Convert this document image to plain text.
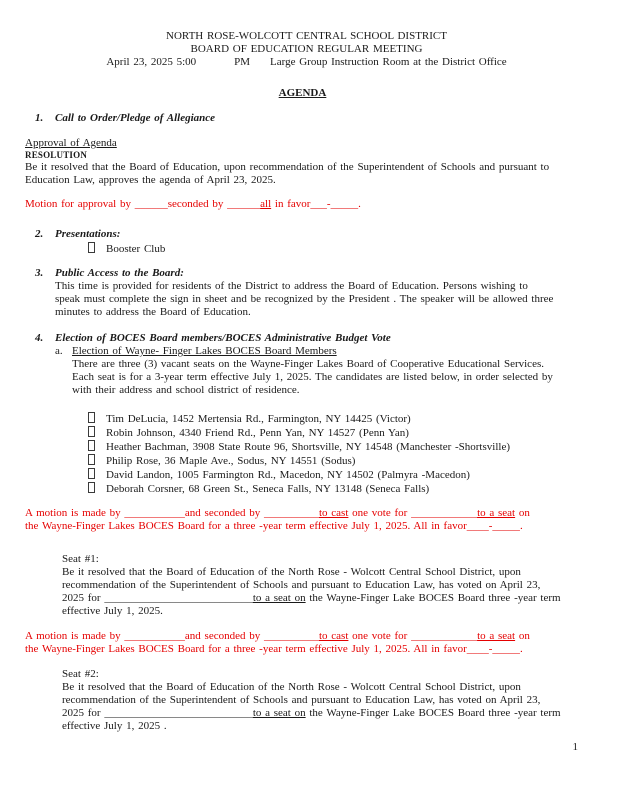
NORTH ROSE-WOLCOTT CENTRAL SCHOOL DISTRICT
BOARD OF EDUCATION REGULAR MEETING
April 23, 2025 5:00	PM Large Group Instruction Room at the District Office
AGENDA
1.	Call to Order/Pledge of Allegiance
Approval of Agenda
RESOLUTION
Be it resolved that the Board of Education, upon recommendation of the Superintendent of Schools and pursuant to
Education Law, approves the agenda of April 23, 2025.
Motion for approval by ______seconded by ______all in favor___-_____.
2.	Presentations:
Booster Club
3.	Public Access to the Board:
This time is provided for residents of the District to address the Board of Education. Persons wishing to
speak must complete the sign in sheet and be recognized by the President . The speaker will be allowed three
minutes to address the Board of Education.
4.	Election of BOCES Board members/BOCES Administrative Budget Vote
a. Election of Wayne- Finger Lakes BOCES Board Members
There are three (3) vacant seats on the Wayne-Finger Lakes Board of Cooperative Educational Services.
Each seat is for a 3-year term effective July 1, 2025. The candidates are listed below, in order selected by
with their address and school district of residence.
Tim DeLucia, 1452 Mertensia Rd., Farmington, NY 14425 (Victor)
Robin Johnson, 4340 Friend Rd., Penn Yan, NY 14527 (Penn Yan)
Heather Bachman, 3908 State Route 96, Shortsville, NY 14548 (Manchester -Shortsville)
Philip Rose, 36 Maple Ave., Sodus, NY 14551 (Sodus)
David Landon, 1005 Farmington Rd., Macedon, NY 14502 (Palmyra -Macedon)
Deborah Corsner, 68 Green St., Seneca Falls, NY 13148 (Seneca Falls)
A motion is made by ___________and seconded by __________to cast one vote for ____________to a seat on
the Wayne-Finger Lakes BOCES Board for a three -year term effective July 1, 2025. All in favor____-_____.
Seat #1:
Be it resolved that the Board of Education of the North Rose - Wolcott Central School District, upon
recommendation of the Superintendent of Schools and pursuant to Education Law, has voted on April 23,
2025 for ___________________________to a seat on the Wayne-Finger Lake BOCES Board three -year term
effective July 1, 2025.
A motion is made by ___________and seconded by __________to cast one vote for ____________to a seat on
the Wayne-Finger Lakes BOCES Board for a three -year term effective July 1, 2025. All in favor____-_____.
Seat #2:
Be it resolved that the Board of Education of the North Rose - Wolcott Central School District, upon
recommendation of the Superintendent of Schools and pursuant to Education Law, has voted on April 23,
2025 for ___________________________to a seat on the Wayne-Finger Lake BOCES Board three -year term
effective July 1, 2025 .
1
